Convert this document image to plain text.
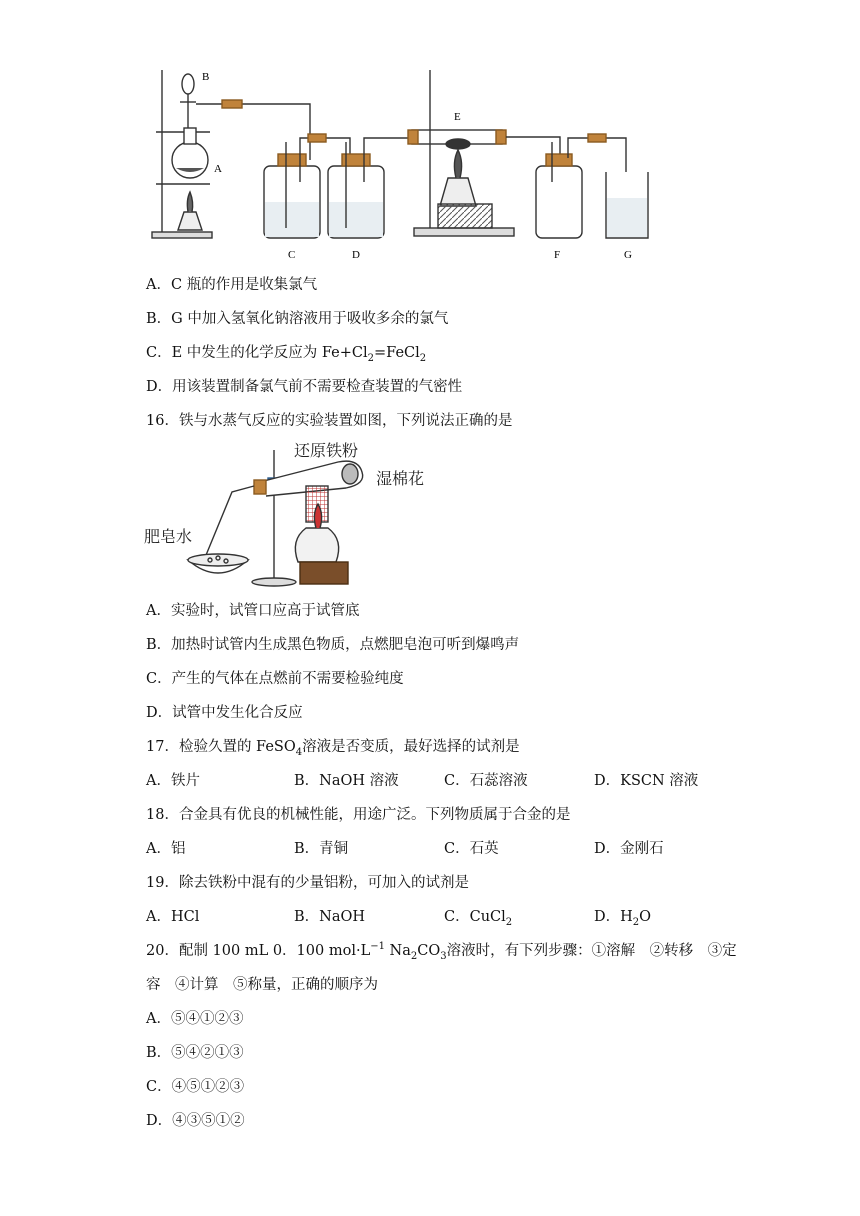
B
A
C	D
E
F	G
A．C 瓶的作用是收集氯气
B．G 中加入氢氧化钠溶液用于吸收多余的氯气
C．E 中发生的化学反应为 $Fe+Cl_2=FeCl_2$
D．用该装置制备氯气前不需要检查装置的气密性
16．铁与水蒸气反应的实验装置如图，下列说法正确的是
还原铁粉
湿棉花
肥皂水
A．实验时，试管口应高于试管底
B．加热时试管内生成黑色物质，点燃肥皂泡可听到爆鸣声
C．产生的气体在点燃前不需要检验纯度
D．试管中发生化合反应
17．检验久置的 FeSO$_4$溶液是否变质，最好选择的试剂是
A．铁片	B．NaOH 溶液	C．石蕊溶液	D．KSCN 溶液
18．合金具有优良的机械性能，用途广泛。下列物质属于合金的是
A．铝	B．青铜	C．石英	D．金刚石
19．除去铁粉中混有的少量铝粉，可加入的试剂是
A．HCl	B．NaOH	C．CuCl$_2$	D．$H_2O$
20．配制 100 mL 0．100 $mol\cdot L^{-1}$ $Na_2CO_3$溶液时，有下列步骤：①溶解　②转移　③定
容　④计算　⑤称量，正确的顺序为
A．⑤④①②③
B．⑤④②①③
C．④⑤①②③
D．④③⑤①②
